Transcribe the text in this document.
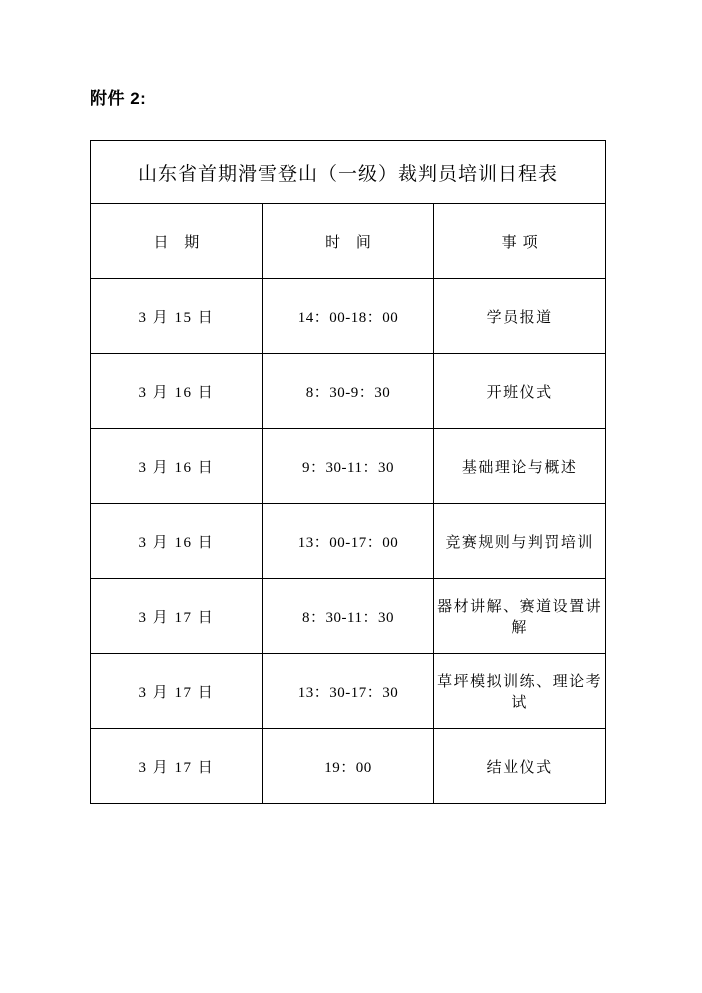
附件 2:
山东省首期滑雪登山（一级）裁判员培训日程表		
日 期	时 间	事项
3 月 15 日	14：00-18：00	学员报道
3 月 16 日	8：30-9：30	开班仪式
3 月 16 日	9：30-11：30	基础理论与概述
3 月 16 日	13：00-17：00	竞赛规则与判罚培训
3 月 17 日	8：30-11：30	器材讲解、赛道设置讲解
3 月 17 日	13：30-17：30	草坪模拟训练、理论考试
3 月 17 日	19：00	结业仪式
